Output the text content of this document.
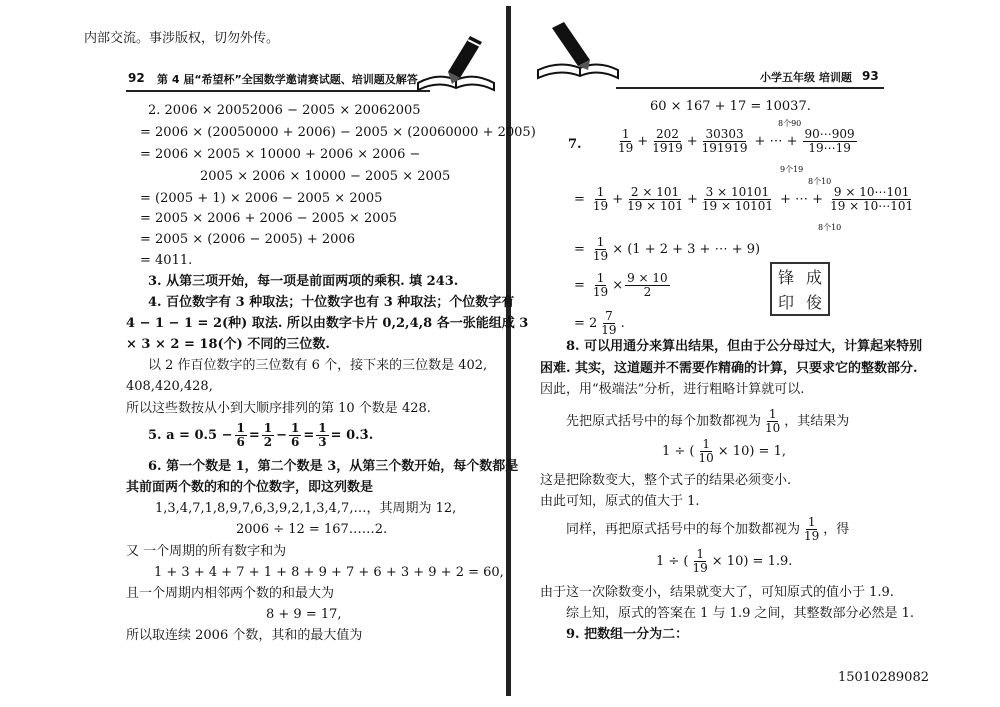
内部交流。事涉版权，切勿外传。
92 第 4 届“希望杯”全国数学邀请赛试题、培训题及解答	小学五年级 培训题 93
2. 2006 × 20052006 − 2005 × 20062005
= 2006 × (20050000 + 2006) − 2005 × (20060000 + 2005)
= 2006 × 2005 × 10000 + 2006 × 2006 −
2005 × 2006 × 10000 − 2005 × 2005
= (2005 + 1) × 2006 − 2005 × 2005
= 2005 × 2006 + 2006 − 2005 × 2005
= 2005 × (2006 − 2005) + 2006
= 4011.
3. 从第三项开始，每一项是前面两项的乘积. 填 243.
4. 百位数字有 3 种取法；十位数字也有 3 种取法；个位数字有
4 − 1 − 1 = 2(种) 取法. 所以由数字卡片 0,2,4,8 各一张能组成 3
× 3 × 2 = 18(个) 不同的三位数.
以 2 作百位数字的三位数有 6 个，接下来的三位数是 402,
408,420,428,
所以这些数按从小到大顺序排列的第 10 个数是 428.
5. $a = 0.5 - \frac{1}{6} = \frac{1}{2} - \frac{1}{6} = \frac{1}{3}$ = 0.3̇.
6. 第一个数是 1，第二个数是 3，从第三个数开始，每个数都是
其前面两个数的和的个位数字，即这列数是
1,3,4,7,1,8,9,7,6,3,9,2,1,3,4,7,…，其周期为 12,
2006 ÷ 12 = 167……2.
又 一个周期的所有数字和为
1 + 3 + 4 + 7 + 1 + 8 + 9 + 7 + 6 + 3 + 9 + 2 = 60,
且一个周期内相邻两个数的和最大为
8 + 9 = 17,
所以取连续 2006 个数，其和的最大值为
60 × 167 + 17 = 10037.
7.	$\frac{1}{19} + \frac{202}{1919} + \frac{30303}{191919}$ + ⋯ + $\frac{90\cdots 909}{19\cdots 19}$
8个90
9个19
= $\frac{1}{19} + \frac{2 \times 101}{19 \times 101} + \frac{3 \times 10101}{19 \times 10101}$ + ⋯ + $\frac{9 \times 10\cdots 101}{19 \times 10\cdots 101}$
8个10
8个10
= $\frac{1}{19} \times (1 + 2 + 3$ + ⋯ + 9)
= $\frac{1}{19} \times \frac{9 \times 10}{2}$
= $2 \frac{7}{19}$ .
锋 成
印 俊
8. 可以用通分来算出结果，但由于公分母过大，计算起来特别
困难. 其实，这道题并不需要作精确的计算，只要求它的整数部分.
因此，用“极端法”分析，进行粗略计算就可以.
先把原式括号中的每个加数都视为 $\frac{1}{10}$ ，其结果为
1 ÷ ( $\frac{1}{10} \times 10) = 1$,
这是把除数变大，整个式子的结果必须变小.
由此可知，原式的值大于 1.
同样，再把原式括号中的每个加数都视为 $\frac{1}{19}$ ，得
1 ÷ ( $\frac{1}{19} \times 10) = 1.9$.
由于这一次除数变小，结果就变大了，可知原式的值小于 1.9.
综上知，原式的答案在 1 与 1.9 之间，其整数部分必然是 1.
9. 把数组一分为二：
15010289082
